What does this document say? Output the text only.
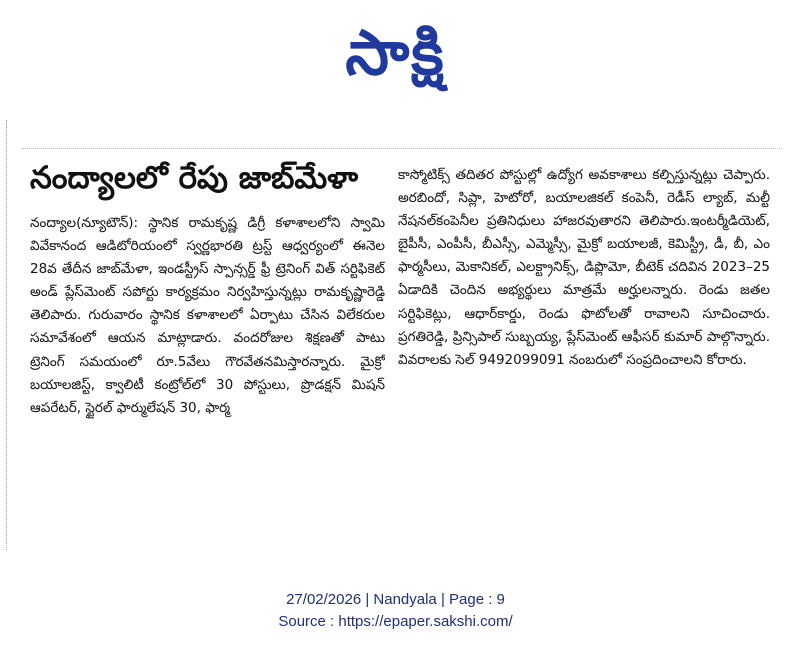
సాక్షి
నంద్యాలలో రేపు జాబ్‌మేళా
నంద్యాల(న్యూటౌన్): స్థానిక రామకృష్ణ డిగ్రీ కళాశాలలోని స్వామి వివేకానంద ఆడిటోరియంలో స్వర్ణభారతి ట్రస్ట్ ఆధ్వర్యంలో ఈనెల 28వ తేదీన జాబ్‌మేళా, ఇండస్ట్రీస్ స్పాన్సర్డ్ ఫ్రీ ట్రెనింగ్ విత్ సర్టిఫికెట్ అండ్ ప్లేస్‌మెంట్ సపోర్టు కార్యక్రమం నిర్వహిస్తున్నట్లు రామకృష్ణారెడ్డి తెలిపారు. గురువారం స్థానిక కళాశాలలో ఏర్పాటు చేసిన విలేకరుల సమావేశంలో ఆయన మాట్లాడారు. వందరోజుల శిక్షణతో పాటు ట్రెనింగ్ సమయంలో రూ.5వేలు గౌరవేతనమిస్తారన్నారు. మైక్రో బయాలజిస్ట్, క్వాలిటీ కంట్రోల్‌లో 30 పోస్టులు, ప్రొడక్షన్ మిషన్ ఆపరేటర్, స్టైరల్ ఫార్ములేషన్ 30, ఫార్మ
కాస్మోటిక్స్ తదితర పోస్టుల్లో ఉద్యోగ అవకాశాలు కల్పిస్తున్నట్లు చెప్పారు. అరబిందో, సిప్లా, హెటోరో, బయాలజికల్ కంపెనీ, రెడీస్ ల్యాబ్, మల్టీ నేషనల్‌కంపెనీల ప్రతినిధులు హాజరవుతారని తెలిపారు.ఇంటర్మీడియెట్, బైపీసీ, ఎంపీసీ, బీఎస్సీ, ఎమ్మెస్సీ, మైక్రో బయాలజీ, కెమిస్ట్రీ, డీ, బీ, ఎం ఫార్మసీలు, మెకానికల్, ఎలక్ట్రానిక్స్, డిప్లొమో, బీటెక్ చదివిన 2023–25 ఏడాదికి చెందిన అభ్యర్థులు మాత్రమే అర్హులన్నారు. రెండు జతల సర్టిఫికెట్లు, ఆధార్‌కార్డు, రెండు ఫొటోలతో రావాలని సూచించారు. ప్రగతిరెడ్డి, ప్రిన్సిపాల్ సుబ్బయ్య, ప్లేస్‌మెంట్ ఆఫీసర్ కుమార్ పాల్గొన్నారు. వివరాలకు సెల్ 9492099091 నంబరులో సంప్రదించాలని కోరారు.
27/02/2026 | Nandyala | Page : 9
Source : https://epaper.sakshi.com/
